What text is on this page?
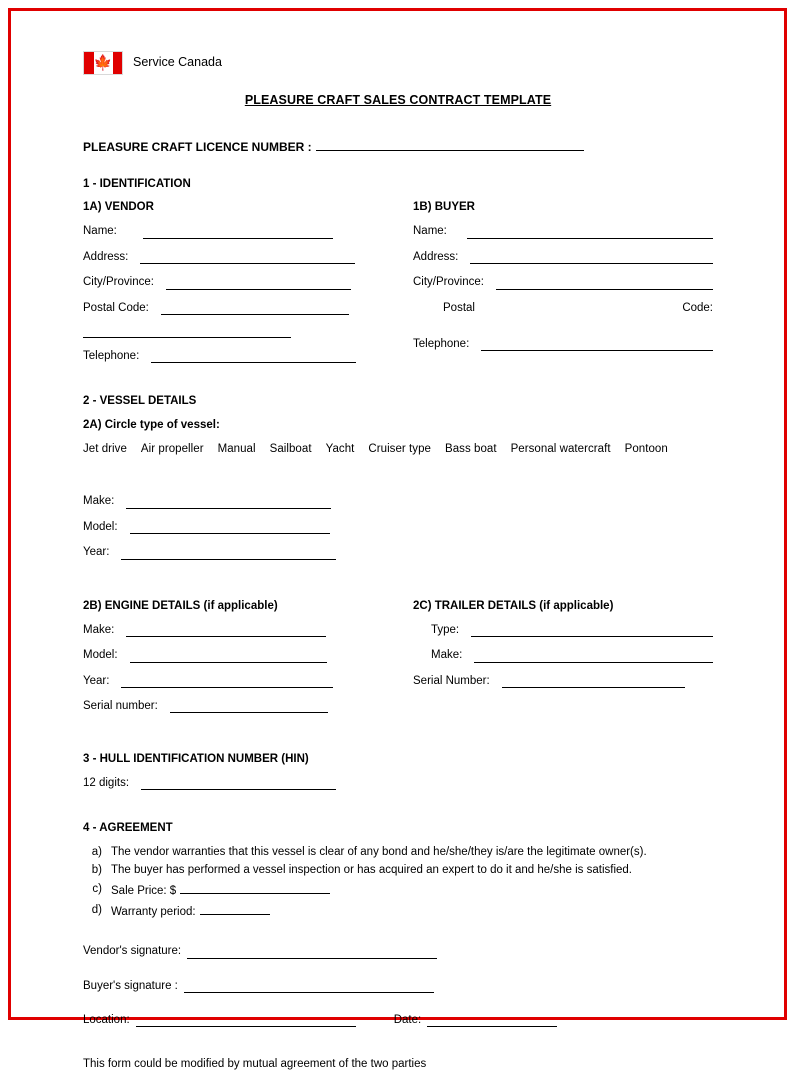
🍁 Service Canada
PLEASURE CRAFT SALES CONTRACT TEMPLATE
PLEASURE CRAFT LICENCE NUMBER :
1 - IDENTIFICATION
1A) VENDOR
Name:
Address:
City/Province:
Postal Code:
Telephone:
1B) BUYER
Name:
Address:
City/Province:
Postal	Code:
Telephone:
2 - VESSEL DETAILS
2A) Circle type of vessel:
Jet drive Air propeller Manual Sailboat Yacht Cruiser type Bass boat Personal watercraft Pontoon
Make:
Model:
Year:
2B) ENGINE DETAILS (if applicable)
Make:
Model:
Year:
Serial number:
2C) TRAILER DETAILS (if applicable)
Type:
Make:
Serial Number:
3 - HULL IDENTIFICATION NUMBER (HIN)
12 digits:
4 - AGREEMENT
a) The vendor warranties that this vessel is clear of any bond and he/she/they is/are the legitimate owner(s).
b) The buyer has performed a vessel inspection or has acquired an expert to do it and he/she is satisfied.
c) Sale Price: $
d) Warranty period:
Vendor's signature:
Buyer's signature :
Location:	Date:
This form could be modified by mutual agreement of the two parties
